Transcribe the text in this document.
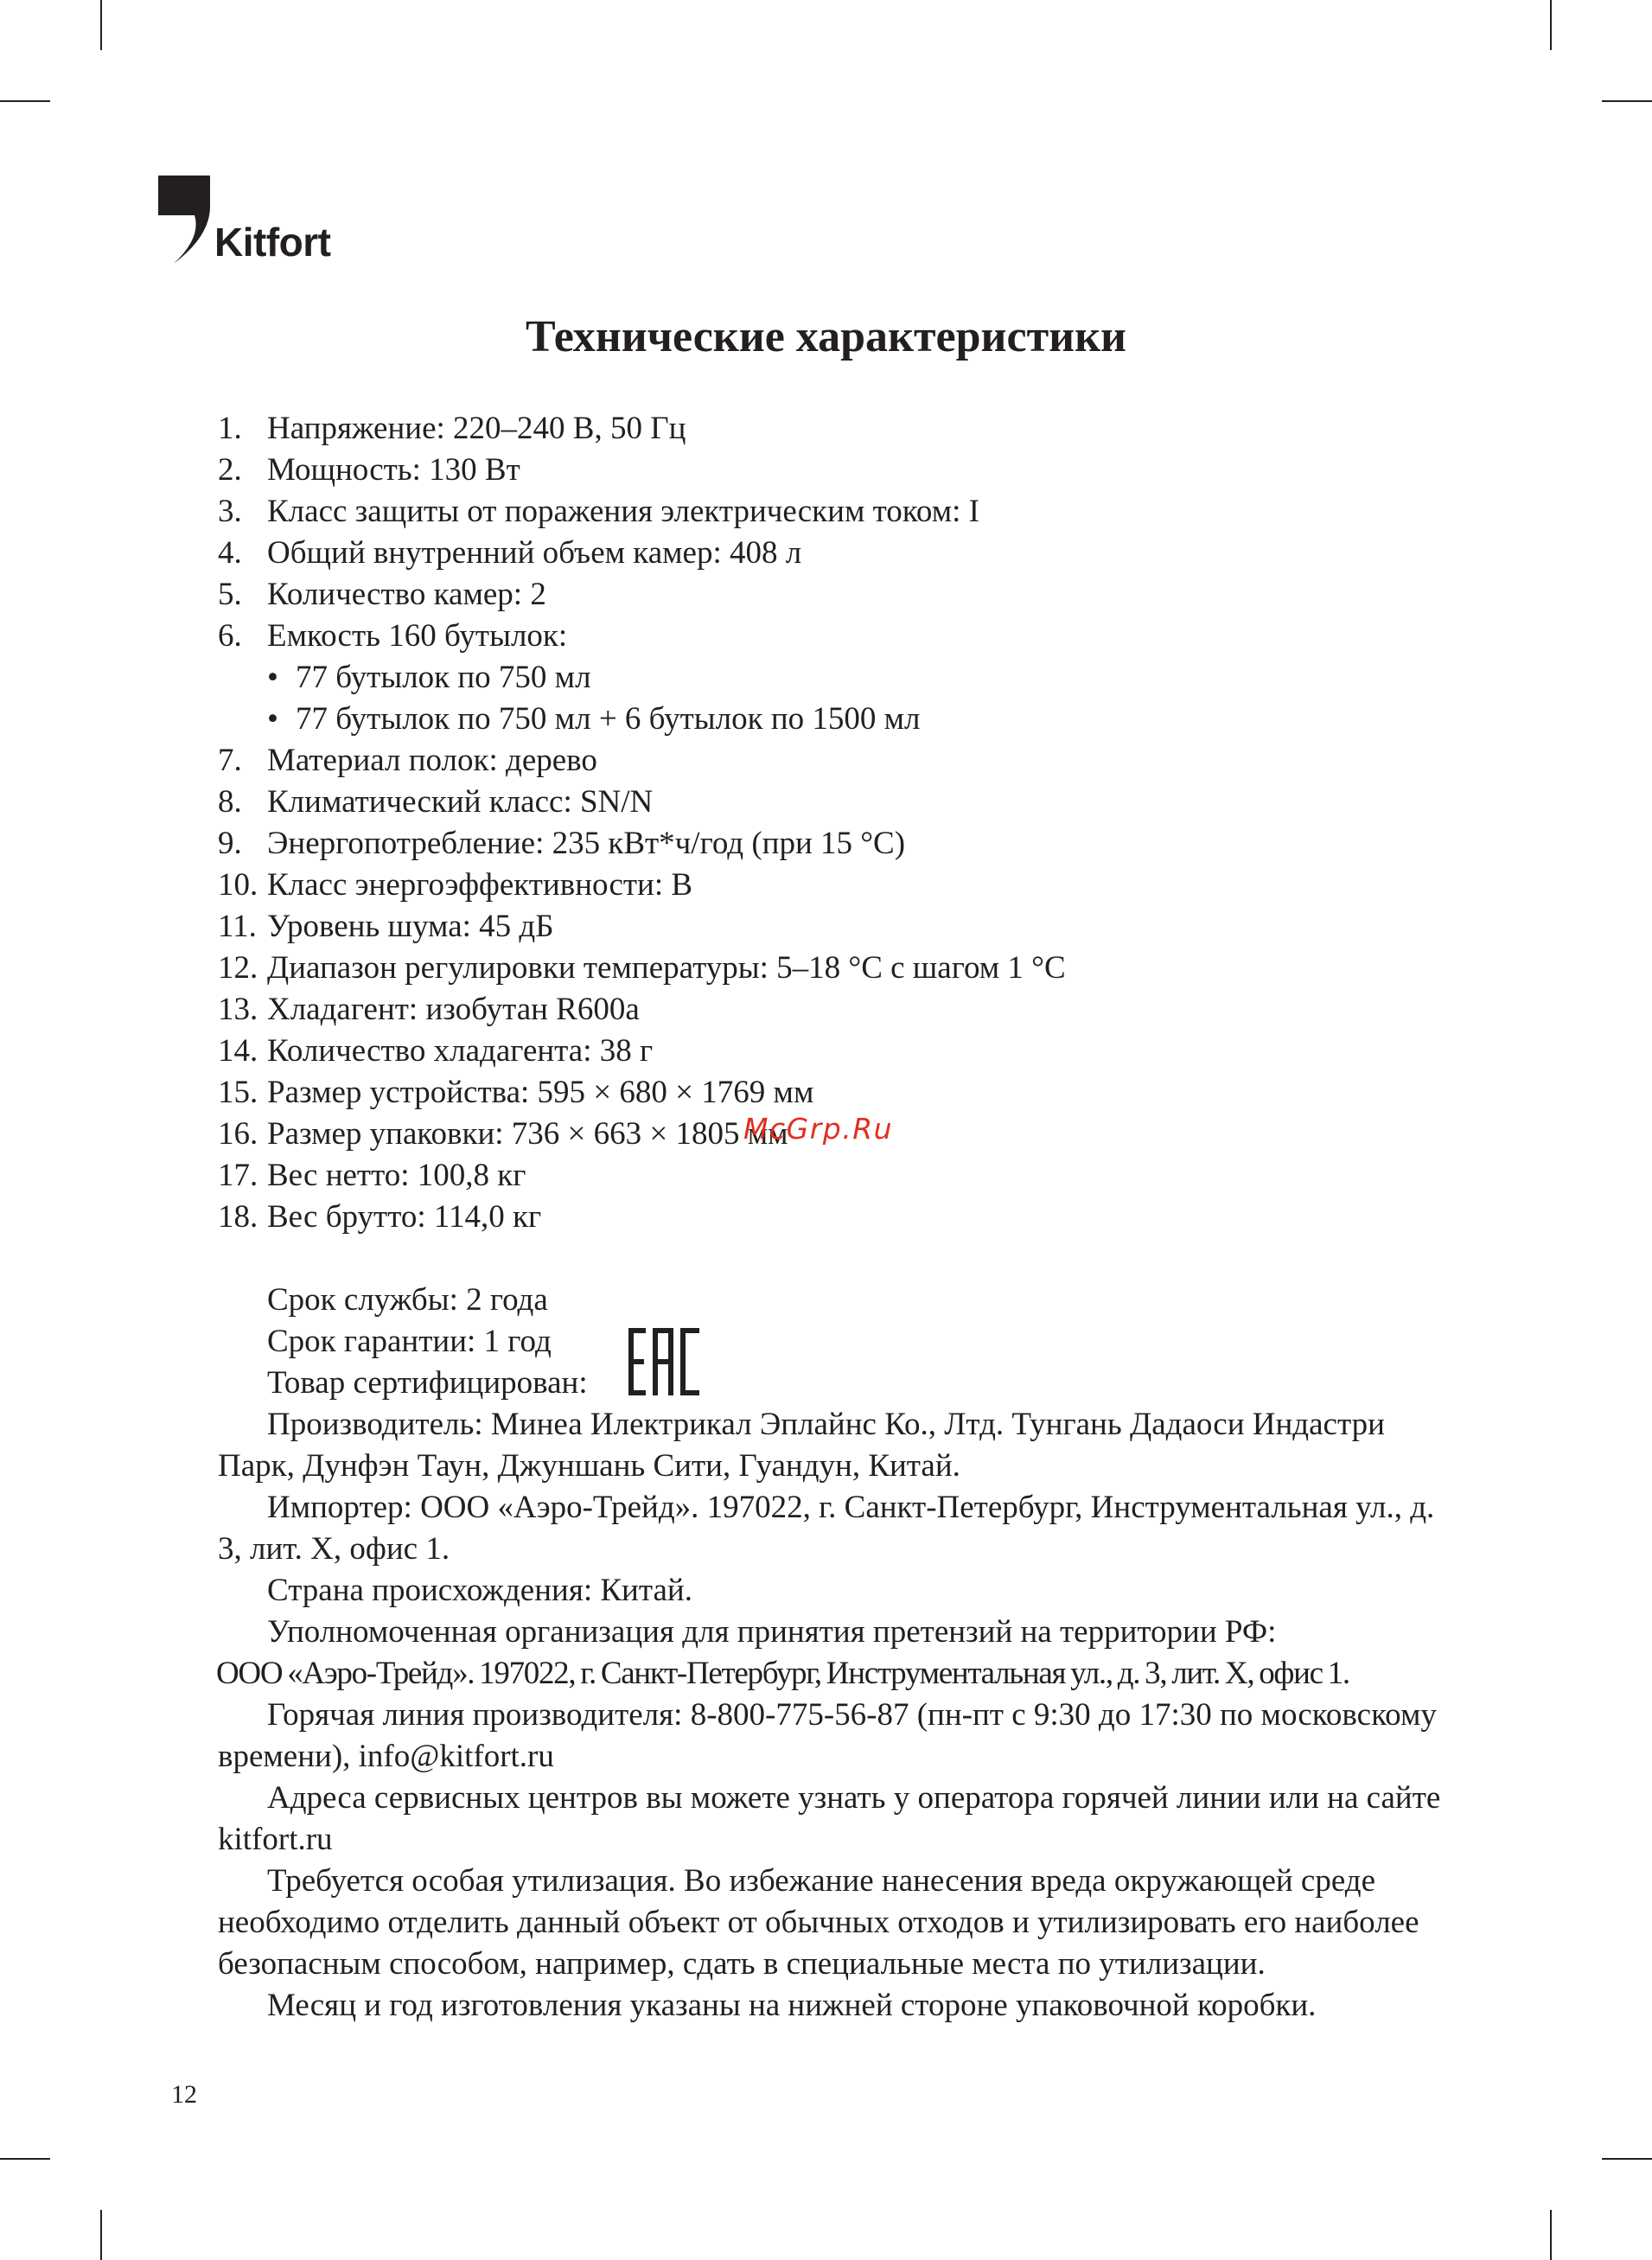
Kitfort
Технические характеристики
1. Напряжение: 220–240 В, 50 Гц
2. Мощность: 130 Вт
3. Класс защиты от поражения электрическим током: I
4. Общий внутренний объем камер: 408 л
5. Количество камер: 2
6. Емкость 160 бутылок:
• 77 бутылок по 750 мл
• 77 бутылок по 750 мл + 6 бутылок по 1500 мл
7. Материал полок: дерево
8. Климатический класс: SN/N
9. Энергопотребление: 235 кВт*ч/год (при 15 °C)
10. Класс энергоэффективности: B
11. Уровень шума: 45 дБ
12. Диапазон регулировки температуры: 5–18 °C с шагом 1 °C
13. Хладагент: изобутан R600a
14. Количество хладагента: 38 г
15. Размер устройства: 595 × 680 × 1769 мм
16. Размер упаковки: 736 × 663 × 1805 мм
17. Вес нетто: 100,8 кг
18. Вес брутто: 114,0 кг
McGrp.Ru

Срок службы: 2 года

Срок гарантии: 1 год

Товар сертифицирован:

Производитель: Минеа Илектрикал Эплайнс Ко., Лтд. Тунгань Дадаоси Индастри Парк, Дунфэн Таун, Джуншань Сити, Гуандун, Китай.

Импортер: ООО «Аэро-Трейд». 197022, г. Санкт-Петербург, Инструментальная ул., д. 3, лит. Х, офис 1.

Страна происхождения: Китай.

Уполномоченная организация для принятия претензий на территории РФ:

ООО «Аэро-Трейд». 197022, г. Санкт-Петербург, Инструментальная ул., д. 3, лит. Х, офис 1.

Горячая линия производителя: 8-800-775-56-87 (пн-пт с 9:30 до 17:30 по московскому времени), info@kitfort.ru

Адреса сервисных центров вы можете узнать у оператора горячей линии или на сайте kitfort.ru

Требуется особая утилизация. Во избежание нанесения вреда окружающей среде необходимо отделить данный объект от обычных отходов и утилизировать его наиболее безопасным способом, например, сдать в специальные места по утилизации.

Месяц и год изготовления указаны на нижней стороне упаковочной коробки.

12
